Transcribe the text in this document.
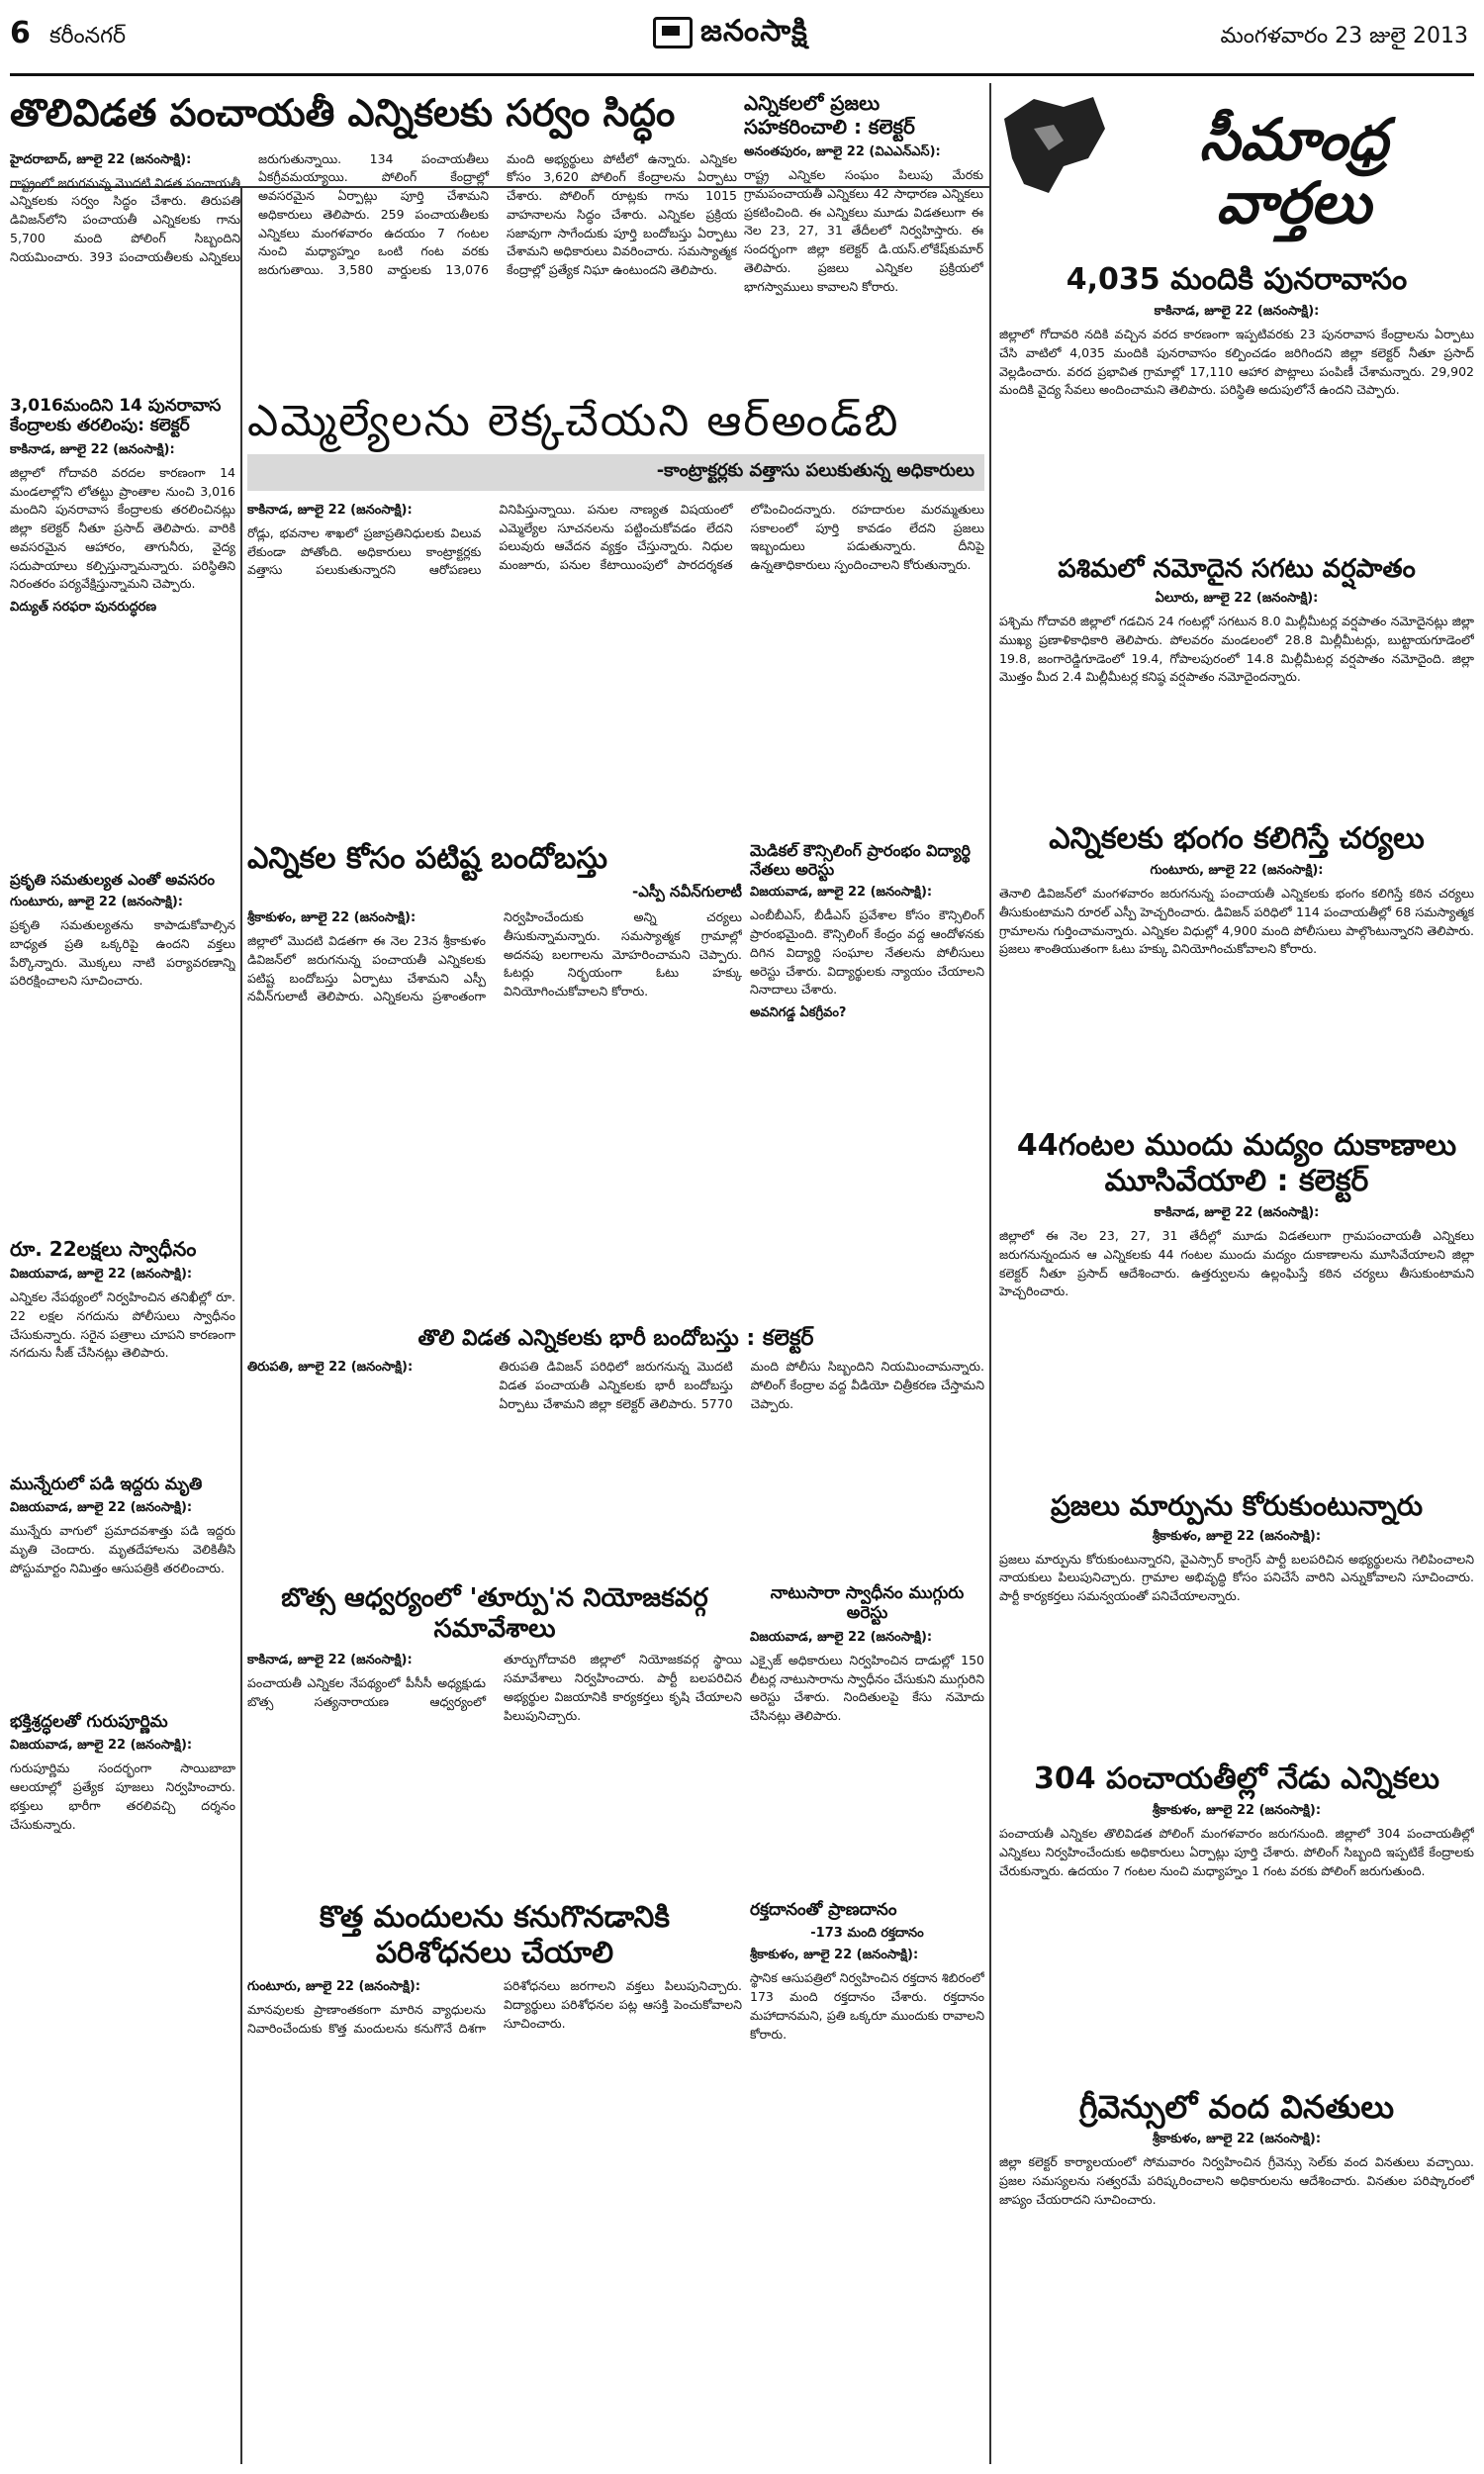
6 కరీంనగర్	జనంసాక్షి	మంగళవారం 23 జులై 2013
తొలివిడత పంచాయతీ ఎన్నికలకు సర్వం సిద్ధం
హైదరాబాద్, జూలై 22 (జనంసాక్షి):

రాష్ట్రంలో జరుగనున్న మొదటి విడత పంచాయతీ ఎన్నికలకు సర్వం సిద్ధం చేశారు. తిరుపతి డివిజన్‌లోని పంచాయతీ ఎన్నికలకు గాను 5,700 మంది పోలింగ్ సిబ్బందిని నియమించారు. 393 పంచాయతీలకు ఎన్నికలు జరుగుతున్నాయి. 134 పంచాయతీలు ఏకగ్రీవమయ్యాయి. పోలింగ్ కేంద్రాల్లో అవసరమైన ఏర్పాట్లు పూర్తి చేశామని అధికారులు తెలిపారు. 259 పంచాయతీలకు ఎన్నికలు మంగళవారం ఉదయం 7 గంటల నుంచి మధ్యాహ్నం ఒంటి గంట వరకు జరుగుతాయి. 3,580 వార్డులకు 13,076 మంది అభ్యర్థులు పోటీలో ఉన్నారు. ఎన్నికల కోసం 3,620 పోలింగ్ కేంద్రాలను ఏర్పాటు చేశారు. పోలింగ్ రూట్లకు గాను 1015 వాహనాలను సిద్ధం చేశారు. ఎన్నికల ప్రక్రియ సజావుగా సాగేందుకు పూర్తి బందోబస్తు ఏర్పాటు చేశామని అధికారులు వివరించారు. సమస్యాత్మక కేంద్రాల్లో ప్రత్యేక నిఘా ఉంటుందని తెలిపారు.

ఎన్నికలలో ప్రజలు సహకరించాలి : కలెక్టర్
అనంతపురం, జూలై 22 (విఎఎన్‌ఎస్):

రాష్ట్ర ఎన్నికల సంఘం పిలుపు మేరకు గ్రామపంచాయతీ ఎన్నికలు 42 సాధారణ ఎన్నికలు ప్రకటించింది. ఈ ఎన్నికలు మూడు విడతలుగా ఈ నెల 23, 27, 31 తేదీలలో నిర్వహిస్తారు. ఈ సందర్భంగా జిల్లా కలెక్టర్ డి.యస్.లోకేష్‌కుమార్ తెలిపారు. ప్రజలు ఎన్నికల ప్రక్రియలో భాగస్వాములు కావాలని కోరారు.

3,016మందిని 14 పునరావాస కేంద్రాలకు తరలింపు: కలెక్టర్
కాకినాడ, జూలై 22 (జనంసాక్షి):

జిల్లాలో గోదావరి వరదల కారణంగా 14 మండలాల్లోని లోతట్టు ప్రాంతాల నుంచి 3,016 మందిని పునరావాస కేంద్రాలకు తరలించినట్లు జిల్లా కలెక్టర్ నీతూ ప్రసాద్ తెలిపారు. వారికి అవసరమైన ఆహారం, తాగునీరు, వైద్య సదుపాయాలు కల్పిస్తున్నామన్నారు. పరిస్థితిని నిరంతరం పర్యవేక్షిస్తున్నామని చెప్పారు.

విద్యుత్ సరఫరా పునరుద్ధరణ
ఎమ్మెల్యేలను లెక్కచేయని ఆర్అండ్‌బి
-కాంట్రాక్టర్లకు వత్తాసు పలుకుతున్న అధికారులు
కాకినాడ, జూలై 22 (జనంసాక్షి):

రోడ్లు, భవనాల శాఖలో ప్రజాప్రతినిధులకు విలువ లేకుండా పోతోంది. అధికారులు కాంట్రాక్టర్లకు వత్తాసు పలుకుతున్నారని ఆరోపణలు వినిపిస్తున్నాయి. పనుల నాణ్యత విషయంలో ఎమ్మెల్యేల సూచనలను పట్టించుకోవడం లేదని పలువురు ఆవేదన వ్యక్తం చేస్తున్నారు. నిధుల మంజూరు, పనుల కేటాయింపులో పారదర్శకత లోపించిందన్నారు. రహదారుల మరమ్మతులు సకాలంలో పూర్తి కావడం లేదని ప్రజలు ఇబ్బందులు పడుతున్నారు. దీనిపై ఉన్నతాధికారులు స్పందించాలని కోరుతున్నారు.

ప్రకృతి సమతుల్యత ఎంతో అవసరం
గుంటూరు, జూలై 22 (జనంసాక్షి):

ప్రకృతి సమతుల్యతను కాపాడుకోవాల్సిన బాధ్యత ప్రతి ఒక్కరిపై ఉందని వక్తలు పేర్కొన్నారు. మొక్కలు నాటి పర్యావరణాన్ని పరిరక్షించాలని సూచించారు.

ఎన్నికల కోసం పటిష్ట బందోబస్తు
-ఎస్పీ నవీన్‌గులాటీ
శ్రీకాకుళం, జూలై 22 (జనంసాక్షి):

జిల్లాలో మొదటి విడతగా ఈ నెల 23న శ్రీకాకుళం డివిజన్‌లో జరుగనున్న పంచాయతీ ఎన్నికలకు పటిష్ట బందోబస్తు ఏర్పాటు చేశామని ఎస్పీ నవీన్‌గులాటీ తెలిపారు. ఎన్నికలను ప్రశాంతంగా నిర్వహించేందుకు అన్ని చర్యలు తీసుకున్నామన్నారు. సమస్యాత్మక గ్రామాల్లో అదనపు బలగాలను మోహరించామని చెప్పారు. ఓటర్లు నిర్భయంగా ఓటు హక్కు వినియోగించుకోవాలని కోరారు.

మెడికల్ కౌన్సిలింగ్ ప్రారంభం విద్యార్థి నేతలు అరెస్టు
విజయవాడ, జూలై 22 (జనంసాక్షి):

ఎంబీబీఎస్, బీడీఎస్ ప్రవేశాల కోసం కౌన్సిలింగ్ ప్రారంభమైంది. కౌన్సిలింగ్ కేంద్రం వద్ద ఆందోళనకు దిగిన విద్యార్థి సంఘాల నేతలను పోలీసులు అరెస్టు చేశారు. విద్యార్థులకు న్యాయం చేయాలని నినాదాలు చేశారు.

అవనిగడ్డ ఏకగ్రీవం?
రూ. 22లక్షలు స్వాధీనం
విజయవాడ, జూలై 22 (జనంసాక్షి):

ఎన్నికల నేపథ్యంలో నిర్వహించిన తనిఖీల్లో రూ. 22 లక్షల నగదును పోలీసులు స్వాధీనం చేసుకున్నారు. సరైన పత్రాలు చూపని కారణంగా నగదును సీజ్ చేసినట్లు తెలిపారు.

తొలి విడత ఎన్నికలకు భారీ బందోబస్తు : కలెక్టర్
తిరుపతి, జూలై 22 (జనంసాక్షి):	తిరుపతి డివిజన్ పరిధిలో జరుగనున్న మొదటి విడత పంచాయతీ ఎన్నికలకు భారీ బందోబస్తు ఏర్పాటు చేశామని జిల్లా కలెక్టర్ తెలిపారు. 5770 మంది పోలీసు సిబ్బందిని నియమించామన్నారు. పోలింగ్ కేంద్రాల వద్ద వీడియో చిత్రీకరణ చేస్తామని చెప్పారు.

మున్నేరులో పడి ఇద్దరు మృతి
విజయవాడ, జూలై 22 (జనంసాక్షి):

మున్నేరు వాగులో ప్రమాదవశాత్తు పడి ఇద్దరు మృతి చెందారు. మృతదేహాలను వెలికితీసి పోస్టుమార్టం నిమిత్తం ఆసుపత్రికి తరలించారు.

బొత్స ఆధ్వర్యంలో 'తూర్పు'న నియోజకవర్గ సమావేశాలు
కాకినాడ, జూలై 22 (జనంసాక్షి):

పంచాయతీ ఎన్నికల నేపథ్యంలో పీసీసీ అధ్యక్షుడు బొత్స సత్యనారాయణ ఆధ్వర్యంలో తూర్పుగోదావరి జిల్లాలో నియోజకవర్గ స్థాయి సమావేశాలు నిర్వహించారు. పార్టీ బలపరిచిన అభ్యర్థుల విజయానికి కార్యకర్తలు కృషి చేయాలని పిలుపునిచ్చారు.

నాటుసారా స్వాధీనం ముగ్గురు అరెస్టు
విజయవాడ, జూలై 22 (జనంసాక్షి):

ఎక్సైజ్ అధికారులు నిర్వహించిన దాడుల్లో 150 లీటర్ల నాటుసారాను స్వాధీనం చేసుకుని ముగ్గురిని అరెస్టు చేశారు. నిందితులపై కేసు నమోదు చేసినట్లు తెలిపారు.

భక్తిశ్రద్ధలతో గురుపూర్ణిమ
విజయవాడ, జూలై 22 (జనంసాక్షి):

గురుపూర్ణిమ సందర్భంగా సాయిబాబా ఆలయాల్లో ప్రత్యేక పూజలు నిర్వహించారు. భక్తులు భారీగా తరలివచ్చి దర్శనం చేసుకున్నారు.

కొత్త మందులను కనుగొనడానికి పరిశోధనలు చేయాలి
గుంటూరు, జూలై 22 (జనంసాక్షి):

మానవులకు ప్రాణాంతకంగా మారిన వ్యాధులను నివారించేందుకు కొత్త మందులను కనుగొనే దిశగా పరిశోధనలు జరగాలని వక్తలు పిలుపునిచ్చారు. విద్యార్థులు పరిశోధనల పట్ల ఆసక్తి పెంచుకోవాలని సూచించారు.

రక్తదానంతో ప్రాణదానం
-173 మంది రక్తదానం
శ్రీకాకుళం, జూలై 22 (జనంసాక్షి):

స్థానిక ఆసుపత్రిలో నిర్వహించిన రక్తదాన శిబిరంలో 173 మంది రక్తదానం చేశారు. రక్తదానం మహాదానమని, ప్రతి ఒక్కరూ ముందుకు రావాలని కోరారు.

సీమాంధ్ర వార్తలు
4,035 మందికి పునరావాసం
కాకినాడ, జూలై 22 (జనంసాక్షి):

జిల్లాలో గోదావరి నదికి వచ్చిన వరద కారణంగా ఇప్పటివరకు 23 పునరావాస కేంద్రాలను ఏర్పాటు చేసి వాటిలో 4,035 మందికి పునరావాసం కల్పించడం జరిగిందని జిల్లా కలెక్టర్ నీతూ ప్రసాద్ వెల్లడించారు. వరద ప్రభావిత గ్రామాల్లో 17,110 ఆహార పొట్లాలు పంపిణీ చేశామన్నారు. 29,902 మందికి వైద్య సేవలు అందించామని తెలిపారు. పరిస్థితి అదుపులోనే ఉందని చెప్పారు.

పశిమలో నమోదైన సగటు వర్షపాతం
ఏలూరు, జూలై 22 (జనంసాక్షి):

పశ్చిమ గోదావరి జిల్లాలో గడచిన 24 గంటల్లో సగటున 8.0 మిల్లీమీటర్ల వర్షపాతం నమోదైనట్లు జిల్లా ముఖ్య ప్రణాళికాధికారి తెలిపారు. పోలవరం మండలంలో 28.8 మిల్లీమీటర్లు, బుట్టాయగూడెంలో 19.8, జంగారెడ్డిగూడెంలో 19.4, గోపాలపురంలో 14.8 మిల్లీమీటర్ల వర్షపాతం నమోదైంది. జిల్లా మొత్తం మీద 2.4 మిల్లీమీటర్ల కనిష్ఠ వర్షపాతం నమోదైందన్నారు.

ఎన్నికలకు భంగం కలిగిస్తే చర్యలు
గుంటూరు, జూలై 22 (జనంసాక్షి):

తెనాలి డివిజన్‌లో మంగళవారం జరుగనున్న పంచాయతీ ఎన్నికలకు భంగం కలిగిస్తే కఠిన చర్యలు తీసుకుంటామని రూరల్ ఎస్పీ హెచ్చరించారు. డివిజన్ పరిధిలో 114 పంచాయతీల్లో 68 సమస్యాత్మక గ్రామాలను గుర్తించామన్నారు. ఎన్నికల విధుల్లో 4,900 మంది పోలీసులు పాల్గొంటున్నారని తెలిపారు. ప్రజలు శాంతియుతంగా ఓటు హక్కు వినియోగించుకోవాలని కోరారు.

44గంటల ముందు మద్యం దుకాణాలు మూసివేయాలి : కలెక్టర్
కాకినాడ, జూలై 22 (జనంసాక్షి):

జిల్లాలో ఈ నెల 23, 27, 31 తేదీల్లో మూడు విడతలుగా గ్రామపంచాయతీ ఎన్నికలు జరుగనున్నందున ఆ ఎన్నికలకు 44 గంటల ముందు మద్యం దుకాణాలను మూసివేయాలని జిల్లా కలెక్టర్ నీతూ ప్రసాద్ ఆదేశించారు. ఉత్తర్వులను ఉల్లంఘిస్తే కఠిన చర్యలు తీసుకుంటామని హెచ్చరించారు.

ప్రజలు మార్పును కోరుకుంటున్నారు
శ్రీకాకుళం, జూలై 22 (జనంసాక్షి):

ప్రజలు మార్పును కోరుకుంటున్నారని, వైఎస్సార్ కాంగ్రెస్ పార్టీ బలపరిచిన అభ్యర్థులను గెలిపించాలని నాయకులు పిలుపునిచ్చారు. గ్రామాల అభివృద్ధి కోసం పనిచేసే వారిని ఎన్నుకోవాలని సూచించారు. పార్టీ కార్యకర్తలు సమన్వయంతో పనిచేయాలన్నారు.

304 పంచాయతీల్లో నేడు ఎన్నికలు
శ్రీకాకుళం, జూలై 22 (జనంసాక్షి):

పంచాయతీ ఎన్నికల తొలివిడత పోలింగ్ మంగళవారం జరుగనుంది. జిల్లాలో 304 పంచాయతీల్లో ఎన్నికలు నిర్వహించేందుకు అధికారులు ఏర్పాట్లు పూర్తి చేశారు. పోలింగ్ సిబ్బంది ఇప్పటికే కేంద్రాలకు చేరుకున్నారు. ఉదయం 7 గంటల నుంచి మధ్యాహ్నం 1 గంట వరకు పోలింగ్ జరుగుతుంది.

గ్రీవెన్సులో వంద వినతులు
శ్రీకాకుళం, జూలై 22 (జనంసాక్షి):

జిల్లా కలెక్టర్ కార్యాలయంలో సోమవారం నిర్వహించిన గ్రీవెన్సు సెల్‌కు వంద వినతులు వచ్చాయి. ప్రజల సమస్యలను సత్వరమే పరిష్కరించాలని అధికారులను ఆదేశించారు. వినతుల పరిష్కారంలో జాప్యం చేయరాదని సూచించారు.
